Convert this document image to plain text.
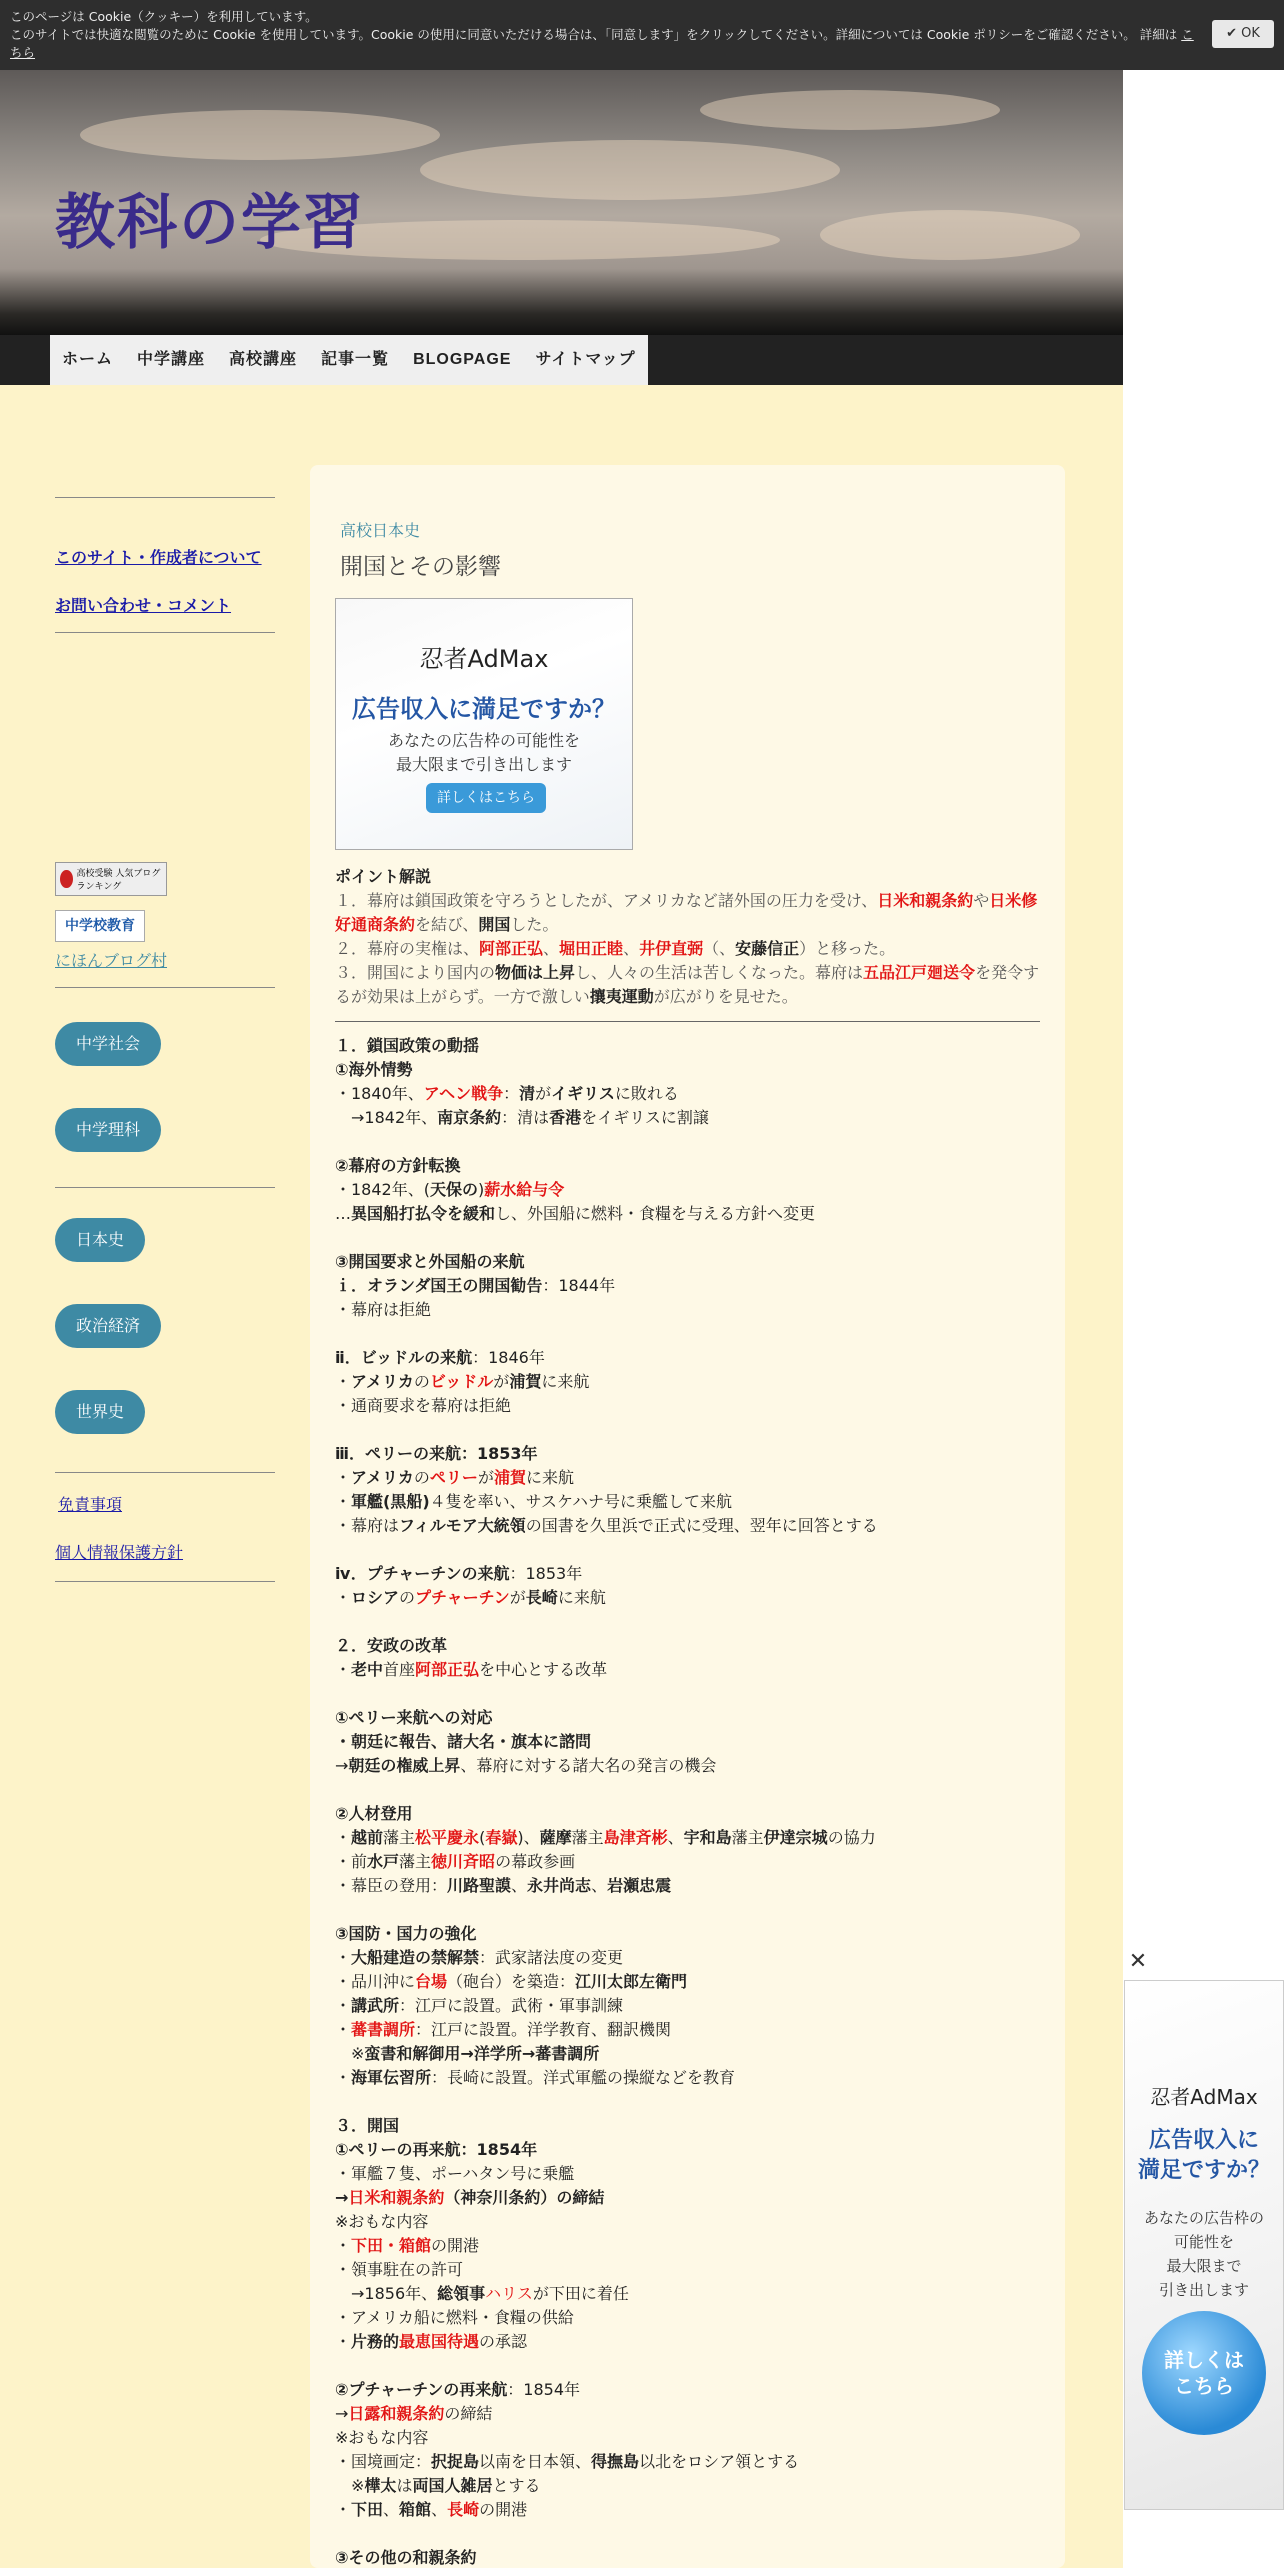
このページは Cookie（クッキー）を利用しています。
このサイトでは快適な閲覧のために Cookie を使用しています。Cookie の使用に同意いただける場合は、「同意します」をクリックしてください。詳細については Cookie ポリシーをご確認ください。 詳細は こちら
✔ OK
教科の学習
ホーム	中学講座	高校講座	記事一覧	BLOGPAGE	サイトマップ
このサイト・作成者について
お問い合わせ・コメント
高校受験 人気ブログランキング
中学校教育
にほんブログ村
中学社会
中学理科
日本史
政治経済
世界史
免責事項
個人情報保護方針
高校日本史
開国とその影響
忍者AdMax
広告収入に満足ですか？
あなたの広告枠の可能性を
最大限まで引き出します
詳しくはこちら
ポイント解説
１．幕府は鎖国政策を守ろうとしたが、アメリカなど諸外国の圧力を受け、日米和親条約や日米修好通商条約を結び、開国した。
２．幕府の実権は、阿部正弘、堀田正睦、井伊直弼（、安藤信正）と移った。
３．開国により国内の物価は上昇し、人々の生活は苦しくなった。幕府は五品江戸廻送令を発令するが効果は上がらず。一方で激しい攘夷運動が広がりを見せた。
１．鎖国政策の動揺
①海外情勢
・1840年、アヘン戦争：清がイギリスに敗れる
　→1842年、南京条約：清は香港をイギリスに割譲
②幕府の方針転換
・1842年、(天保の)薪水給与令
…異国船打払令を緩和し、外国船に燃料・食糧を与える方針へ変更
③開国要求と外国船の来航
ｉ．オランダ国王の開国勧告：1844年
・幕府は拒絶
ⅱ．ビッドルの来航：1846年
・アメリカのビッドルが浦賀に来航
・通商要求を幕府は拒絶
ⅲ．ペリーの来航：1853年
・アメリカのペリーが浦賀に来航
・軍艦(黒船)４隻を率い、サスケハナ号に乗艦して来航
・幕府はフィルモア大統領の国書を久里浜で正式に受理、翌年に回答とする
ⅳ．プチャーチンの来航：1853年
・ロシアのプチャーチンが長崎に来航
２．安政の改革
・老中首座阿部正弘を中心とする改革
①ペリー来航への対応
・朝廷に報告、諸大名・旗本に諮問
→朝廷の権威上昇、幕府に対する諸大名の発言の機会
②人材登用
・越前藩主松平慶永(春嶽)、薩摩藩主島津斉彬、宇和島藩主伊達宗城の協力
・前水戸藩主徳川斉昭の幕政参画
・幕臣の登用：川路聖謨、永井尚志、岩瀬忠震
③国防・国力の強化
・大船建造の禁解禁：武家諸法度の変更
・品川沖に台場（砲台）を築造：江川太郎左衛門
・講武所：江戸に設置。武術・軍事訓練
・蕃書調所：江戸に設置。洋学教育、翻訳機関
　※蛮書和解御用→洋学所→蕃書調所
・海軍伝習所：長崎に設置。洋式軍艦の操縦などを教育
３．開国
①ペリーの再来航：1854年
・軍艦７隻、ポーハタン号に乗艦
→日米和親条約（神奈川条約）の締結
※おもな内容
・下田・箱館の開港
・領事駐在の許可
　→1856年、総領事ハリスが下田に着任
・アメリカ船に燃料・食糧の供給
・片務的最恵国待遇の承認
②プチャーチンの再来航：1854年
→日露和親条約の締結
※おもな内容
・国境画定：択捉島以南を日本領、得撫島以北をロシア領とする
　※樺太は両国人雑居とする
・下田、箱館、長崎の開港
③その他の和親条約
✕
忍者AdMax
広告収入に
満足ですか？
あなたの広告枠の
可能性を
最大限まで
引き出します
詳しくは
こちら
